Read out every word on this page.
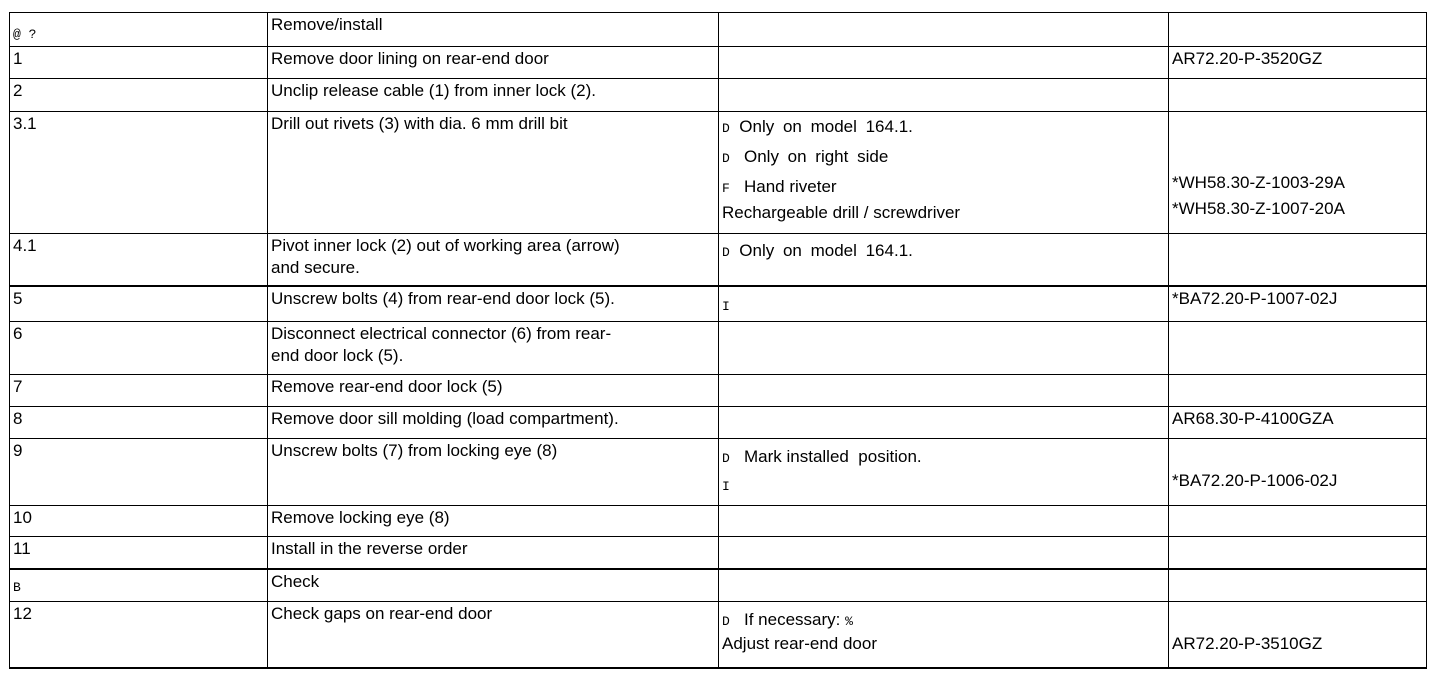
$_{@ ?}$	Remove/install		
1	Remove door lining on rear-end door		AR72.20-P-3520GZ
2	Unclip release cable (1) from inner lock (2).		
3.1	Drill out rivets (3) with dia. 6 mm drill bit	D Only on model 164.1.
D Only on right side
F Hand riveter
Rechargeable drill / screwdriver	*WH58.30-Z-1003-29A
*WH58.30-Z-1007-20A

4.1	Pivot inner lock (2) out of working area (arrow)
and secure.	D Only on model 164.1.	

5	Unscrew bolts (4) from rear-end door lock (5).	$_I$	*BA72.20-P-1007-02J
6	Disconnect electrical connector (6) from rear-
end door lock (5).		

7	Remove rear-end door lock (5)		
8	Remove door sill molding (load compartment).		AR68.30-P-4100GZA
9	Unscrew bolts (7) from locking eye (8)	D Mark installed  position.
I	*BA72.20-P-1006-02J

10	Remove locking eye (8)		
11	Install in the reverse order		
$_B$	Check		
12	Check gaps on rear-end door	D If necessary: %
Adjust rear-end door	AR72.20-P-3510GZ
